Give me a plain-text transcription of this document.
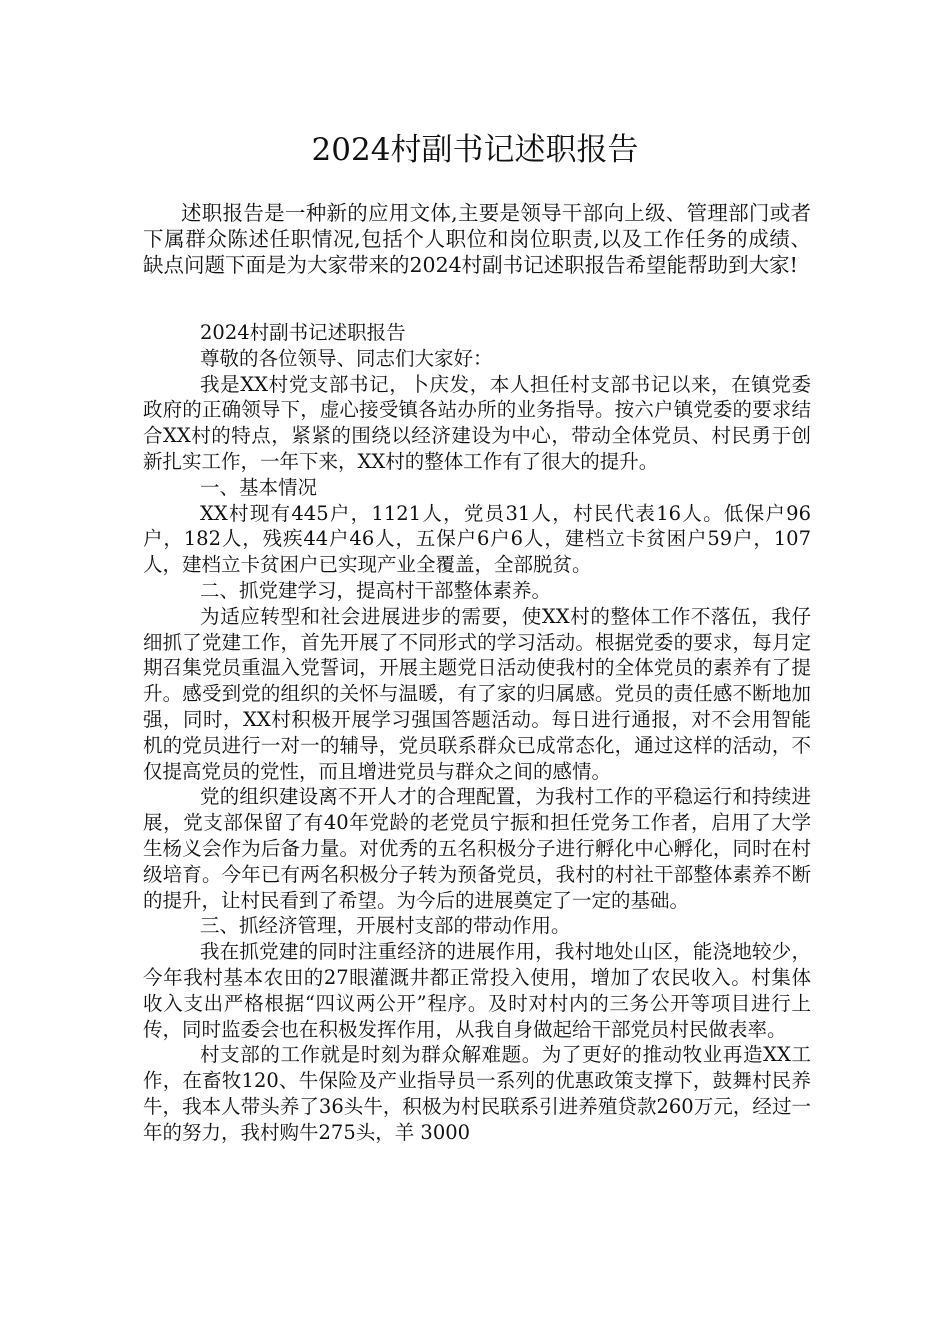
2024村副书记述职报告
述职报告是一种新的应用文体,主要是领导干部向上级、管理部门或者下属群众陈述任职情况,包括个人职位和岗位职责,以及工作任务的成绩、缺点问题下面是为大家带来的2024村副书记述职报告希望能帮助到大家!

2024村副书记述职报告

尊敬的各位领导、同志们大家好：

我是XX村党支部书记，卜庆发，本人担任村支部书记以来，在镇党委政府的正确领导下，虚心接受镇各站办所的业务指导。按六户镇党委的要求结合XX村的特点，紧紧的围绕以经济建设为中心，带动全体党员、村民勇于创新扎实工作，一年下来，XX村的整体工作有了很大的提升。

一、基本情况

XX村现有445户，1121人，党员31人，村民代表16人。低保户96户，182人，残疾44户46人，五保户6户6人，建档立卡贫困户59户，107人，建档立卡贫困户已实现产业全覆盖，全部脱贫。

二、抓党建学习，提高村干部整体素养。

为适应转型和社会进展进步的需要，使XX村的整体工作不落伍，我仔细抓了党建工作，首先开展了不同形式的学习活动。根据党委的要求，每月定期召集党员重温入党誓词，开展主题党日活动使我村的全体党员的素养有了提升。感受到党的组织的关怀与温暖，有了家的归属感。党员的责任感不断地加强，同时，XX村积极开展学习强国答题活动。每日进行通报，对不会用智能机的党员进行一对一的辅导，党员联系群众已成常态化，通过这样的活动，不仅提高党员的党性，而且增进党员与群众之间的感情。

党的组织建设离不开人才的合理配置，为我村工作的平稳运行和持续进展，党支部保留了有40年党龄的老党员宁振和担任党务工作者，启用了大学生杨义会作为后备力量。对优秀的五名积极分子进行孵化中心孵化，同时在村级培育。今年已有两名积极分子转为预备党员，我村的村社干部整体素养不断的提升，让村民看到了希望。为今后的进展奠定了一定的基础。

三、抓经济管理，开展村支部的带动作用。

我在抓党建的同时注重经济的进展作用，我村地处山区，能浇地较少，今年我村基本农田的27眼灌溉井都正常投入使用，增加了农民收入。村集体收入支出严格根据“四议两公开”程序。及时对村内的三务公开等项目进行上传，同时监委会也在积极发挥作用，从我自身做起给干部党员村民做表率。

村支部的工作就是时刻为群众解难题。为了更好的推动牧业再造XX工作，在畜牧120、牛保险及产业指导员一系列的优惠政策支撑下，鼓舞村民养牛，我本人带头养了36头牛，积极为村民联系引进养殖贷款260万元，经过一年的努力，我村购牛275头，羊 3000
